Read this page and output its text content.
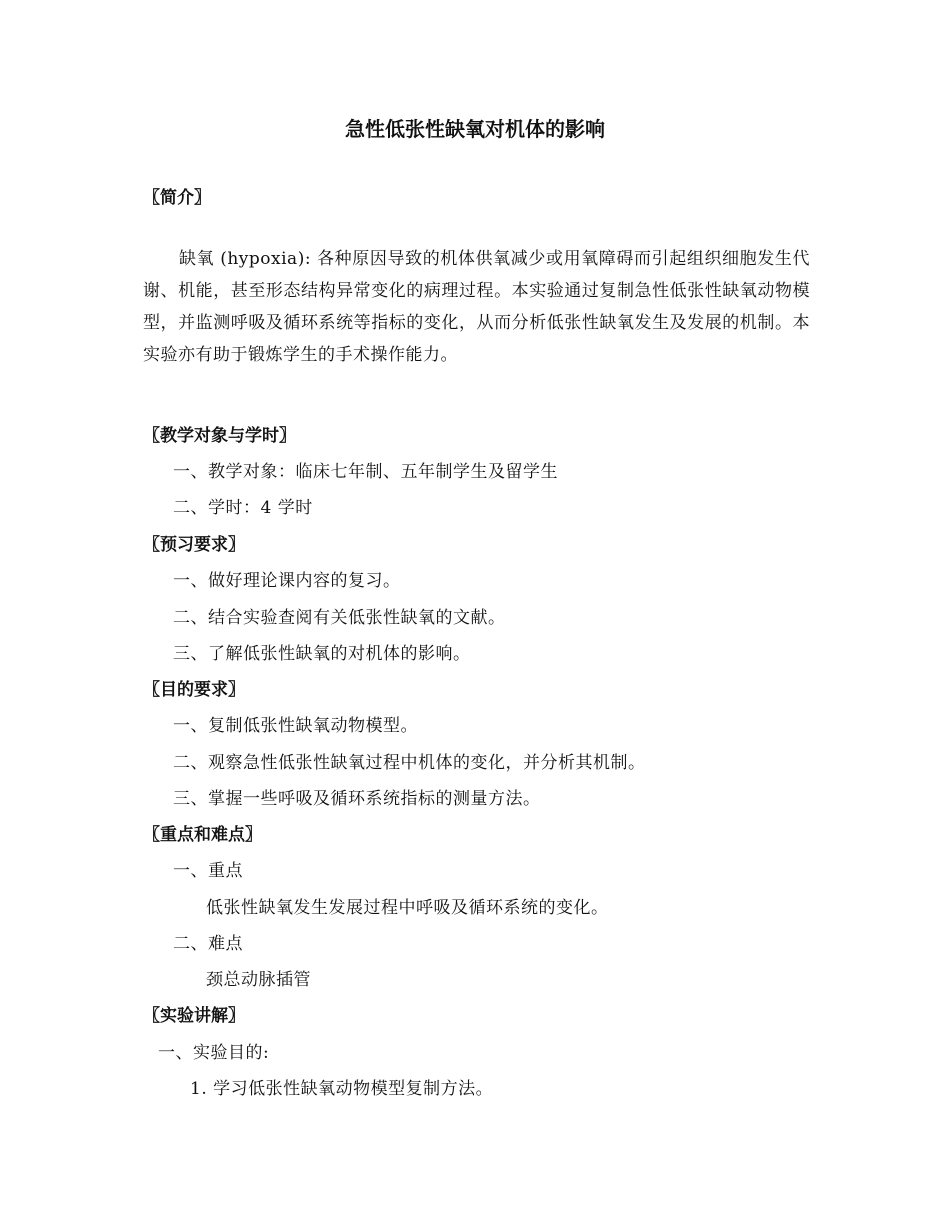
急性低张性缺氧对机体的影响
〖简介〗
缺氧 (hypoxia): 各种原因导致的机体供氧减少或用氧障碍而引起组织细胞发生代谢、机能，甚至形态结构异常变化的病理过程。本实验通过复制急性低张性缺氧动物模型，并监测呼吸及循环系统等指标的变化，从而分析低张性缺氧发生及发展的机制。本实验亦有助于锻炼学生的手术操作能力。
〖教学对象与学时〗
一、教学对象：临床七年制、五年制学生及留学生
二、学时：4 学时
〖预习要求〗
一、做好理论课内容的复习。
二、结合实验查阅有关低张性缺氧的文献。
三、了解低张性缺氧的对机体的影响。
〖目的要求〗
一、复制低张性缺氧动物模型。
二、观察急性低张性缺氧过程中机体的变化，并分析其机制。
三、掌握一些呼吸及循环系统指标的测量方法。
〖重点和难点〗
一、重点
低张性缺氧发生发展过程中呼吸及循环系统的变化。
二、难点
颈总动脉插管
〖实验讲解〗
一、实验目的:
1. 学习低张性缺氧动物模型复制方法。
